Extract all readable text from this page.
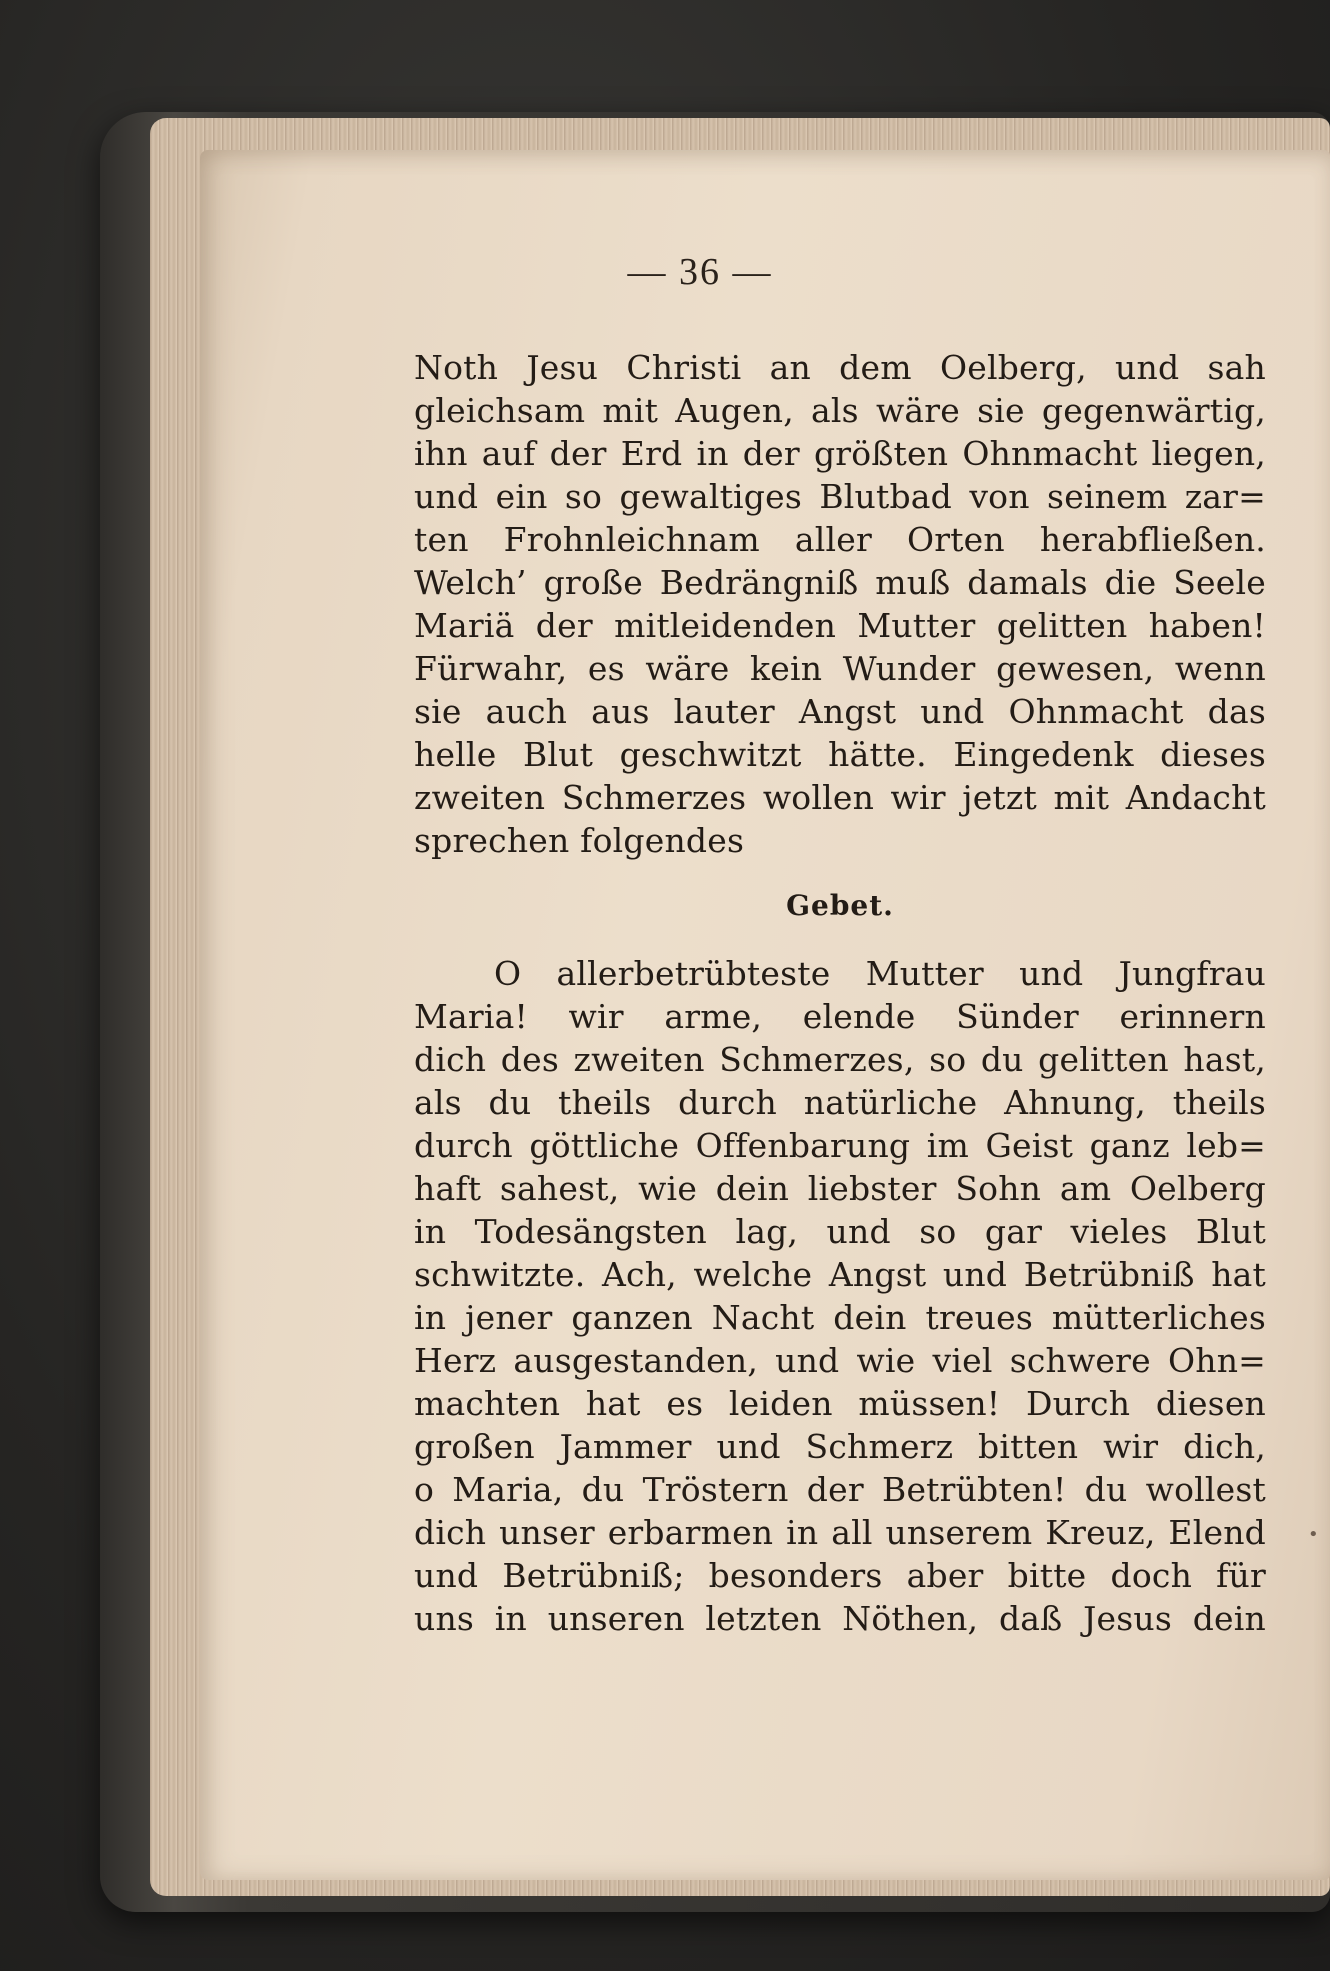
— 36 —
Noth Jesu Christi an dem Oelberg, und sah
gleichsam mit Augen, als wäre sie gegenwärtig,
ihn auf der Erd in der größten Ohnmacht liegen,
und ein so gewaltiges Blutbad von seinem zar=
ten Frohnleichnam aller Orten herabfließen.
Welch’ große Bedrängniß muß damals die Seele
Mariä der mitleidenden Mutter gelitten haben!
Fürwahr, es wäre kein Wunder gewesen, wenn
sie auch aus lauter Angst und Ohnmacht das
helle Blut geschwitzt hätte. Eingedenk dieses
zweiten Schmerzes wollen wir jetzt mit Andacht
sprechen folgendes
Gebet.
O allerbetrübteste Mutter und Jungfrau
Maria! wir arme, elende Sünder erinnern
dich des zweiten Schmerzes, so du gelitten hast,
als du theils durch natürliche Ahnung, theils
durch göttliche Offenbarung im Geist ganz leb=
haft sahest, wie dein liebster Sohn am Oelberg
in Todesängsten lag, und so gar vieles Blut
schwitzte. Ach, welche Angst und Betrübniß hat
in jener ganzen Nacht dein treues mütterliches
Herz ausgestanden, und wie viel schwere Ohn=
machten hat es leiden müssen! Durch diesen
großen Jammer und Schmerz bitten wir dich,
o Maria, du Tröstern der Betrübten! du wollest
dich unser erbarmen in all unserem Kreuz, Elend
und Betrübniß; besonders aber bitte doch für
uns in unseren letzten Nöthen, daß Jesus dein
•
